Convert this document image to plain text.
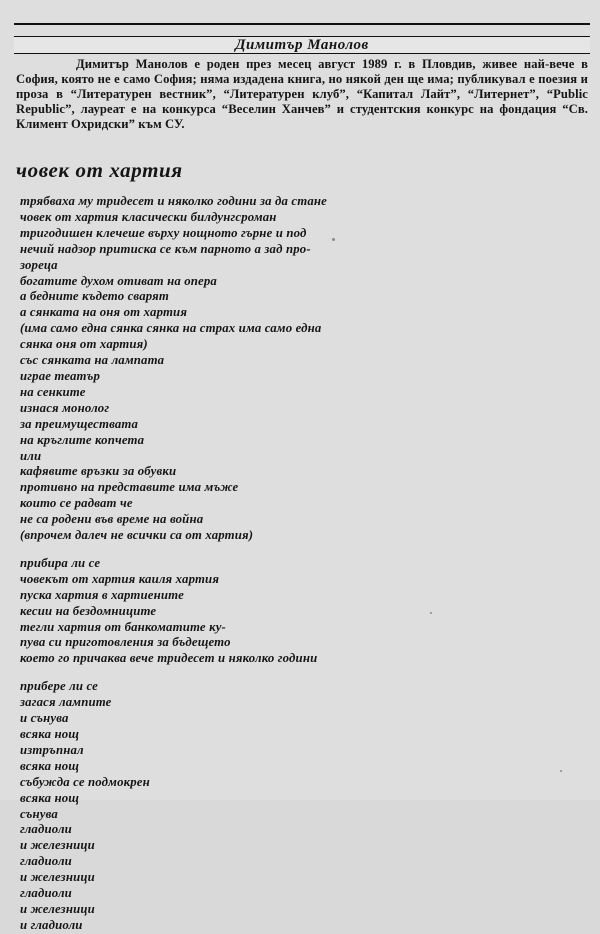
Димитър Манолов

Димитър Манолов е роден през месец август 1989 г. в Пловдив, живее най-вече в София, която не е само София; няма издадена книга, но някой ден ще има; публикувал е поезия и проза в “Литературен вестник”, “Литературен клуб”, “Капитал Лайт”, “Литернет”, “Public Republic”, лауреат е на конкурса “Веселин Ханчев” и студентския конкурс на фондация “Св. Климент Охридски” към СУ.

човек от хартия
трябваха му тридесет и няколко години за да стане
човек от хартия класически билдунгсроман
тригодишен клечеше върху нощното гърне и под
нечий надзор притиска се към парното а зад про-
зореца
богатите духом отиват на опера
а бедните където сварят
а сянката на оня от хартия
(има само една сянка сянка на страх има само една
сянка оня от хартия)
със сянката на лампата
играе театър
на сенките
изнася монолог
за преимуществата
на кръглите копчета
или
кафявите връзки за обувки
противно на представите има мъже
които се радват че
не са родени във време на война
(впрочем далеч не всички са от хартия)
прибира ли се
човекът от хартия каиля хартия
пуска хартия в хартиените
кесии на бездомниците
тегли хартия от банкоматите ку-
пува си приготовления за бъдещето
което го причаква вече тридесет и няколко години
прибере ли се
загася лампите
и сънува
всяка нощ
изтръпнал
всяка нощ
събужда се подмокрен
всяка нощ
сънува
гладиоли
и железници
гладиоли
и железници
гладиоли
и железници
и гладиоли
